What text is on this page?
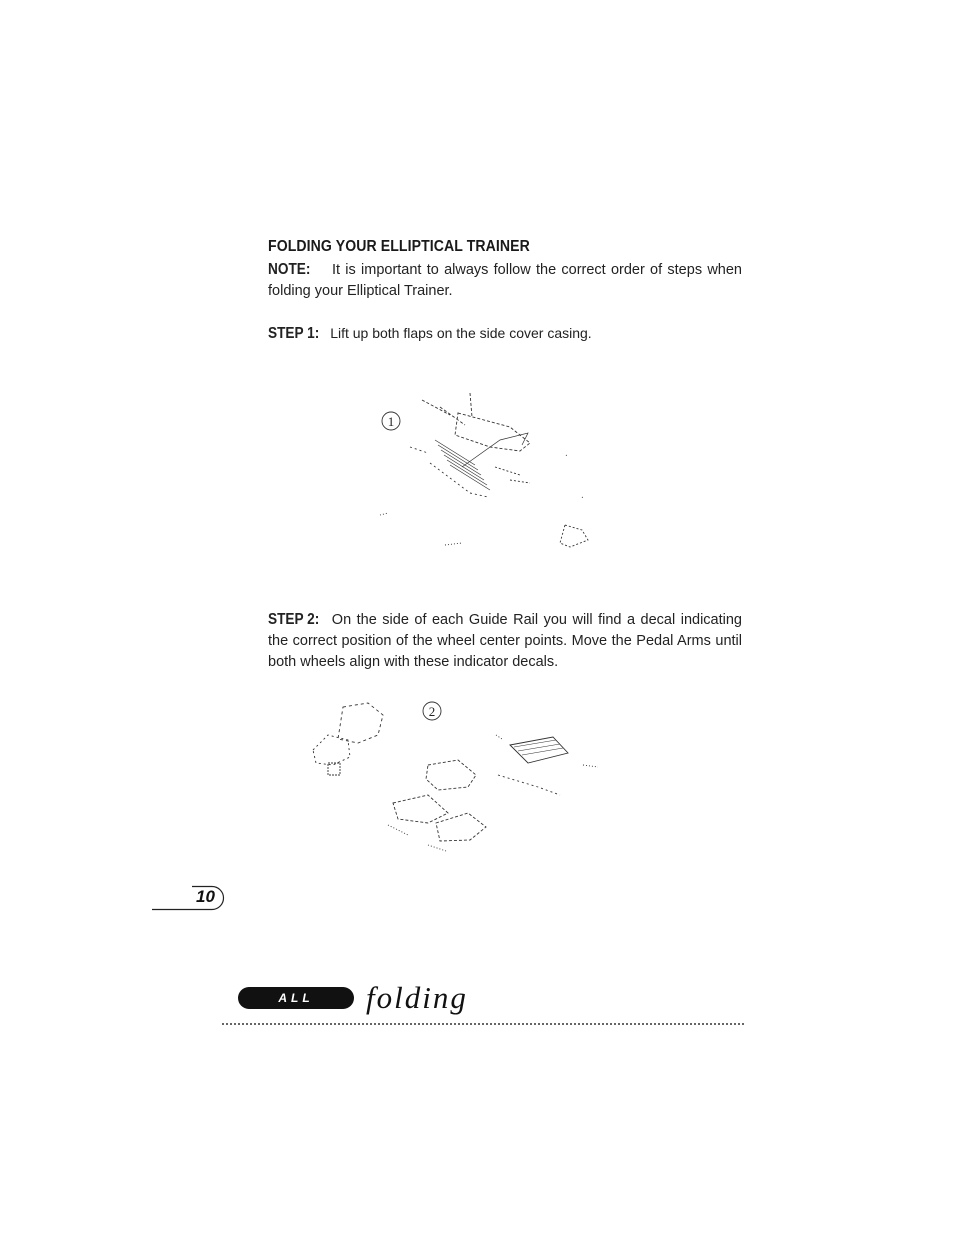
FOLDING YOUR ELLIPTICAL TRAINER
NOTE: It is important to always follow the correct order of steps when folding your Elliptical Trainer.
STEP 1: Lift up both flaps on the side cover casing.
1
STEP 2: On the side of each Guide Rail you will find a decal indicating the correct position of the wheel center points. Move the Pedal Arms until both wheels align with these indicator decals.
2
10
ALL MODELS
folding
